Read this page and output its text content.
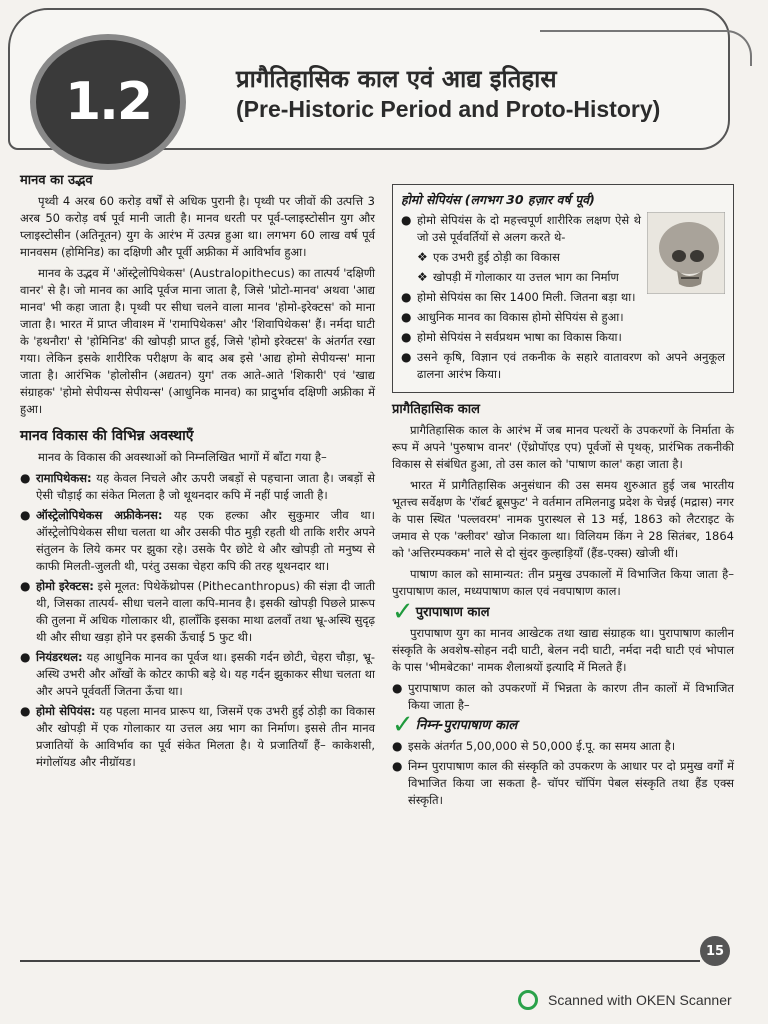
1.2	प्रागैतिहासिक काल एवं आद्य इतिहास
(Pre-Historic Period and Proto-History)
मानव का उद्भव

पृथ्वी 4 अरब 60 करोड़ वर्षों से अधिक पुरानी है। पृथ्वी पर जीवों की उत्पत्ति 3 अरब 50 करोड़ वर्ष पूर्व मानी जाती है। मानव धरती पर पूर्व-प्लाइस्टोसीन युग और प्लाइस्टोसीन (अतिनूतन) युग के आरंभ में उत्पन्न हुआ था। लगभग 60 लाख वर्ष पूर्व मानवसम (होमिनिड) का दक्षिणी और पूर्वी अफ्रीका में आविर्भाव हुआ।

मानव के उद्भव में 'ऑस्ट्रेलोपिथेकस' (Australopithecus) का तात्पर्य 'दक्षिणी वानर' से है। जो मानव का आदि पूर्वज माना जाता है, जिसे 'प्रोटो-मानव' अथवा 'आद्य मानव' भी कहा जाता है। पृथ्वी पर सीधा चलने वाला मानव 'होमो-इरेक्टस' को माना जाता है। भारत में प्राप्त जीवाश्म में 'रामापिथेकस' और 'शिवापिथेकस' हैं। नर्मदा घाटी के 'हथनौरा' से 'होमिनिड' की खोपड़ी प्राप्त हुई, जिसे 'होमो इरेक्टस' के अंतर्गत रखा गया। लेकिन इसके शारीरिक परीक्षण के बाद अब इसे 'आद्य होमो सेपीयन्स' माना जाता है। आरंभिक 'होलोसीन (अद्यतन) युग' तक आते-आते 'शिकारी' एवं 'खाद्य संग्राहक' 'होमो सेपीयन्स सेपीयन्स' (आधुनिक मानव) का प्रादुर्भाव दक्षिणी अफ्रीका में हुआ।

मानव विकास की विभिन्न अवस्थाएँ

मानव के विकास की अवस्थाओं को निम्नलिखित भागों में बाँटा गया है–

● रामापिथेकस: यह केवल निचले और ऊपरी जबड़ों से पहचाना जाता है। जबड़ों से ऐसी चौड़ाई का संकेत मिलता है जो थूथनदार कपि में नहीं पाई जाती है।
● ऑस्ट्रेलोपिथेकस अफ्रीकेनस: यह एक हल्का और सुकुमार जीव था। ऑस्ट्रेलोपिथेकस सीधा चलता था और उसकी पीठ मुड़ी रहती थी ताकि शरीर अपने संतुलन के लिये कमर पर झुका रहे। उसके पैर छोटे थे और खोपड़ी तो मनुष्य से काफी मिलती-जुलती थी, परंतु उसका चेहरा कपि की तरह थूथनदार था।
● होमो इरेक्टस: इसे मूलत: पिथेकेंथ्रोपस (Pithecanthropus) की संज्ञा दी जाती थी, जिसका तात्पर्य- सीधा चलने वाला कपि-मानव है। इसकी खोपड़ी पिछले प्रारूप की तुलना में अधिक गोलाकार थी, हालाँकि इसका माथा ढलवाँ तथा भ्रू-अस्थि सुदृढ़ थी और सीधा खड़ा होने पर इसकी ऊँचाई 5 फुट थी।
● नियंडरथल: यह आधुनिक मानव का पूर्वज था। इसकी गर्दन छोटी, चेहरा चौड़ा, भ्रू-अस्थि उभरी और आँखों के कोटर काफी बड़े थे। यह गर्दन झुकाकर सीधा चलता था और अपने पूर्ववर्ती जितना ऊँचा था।
● होमो सेपियंस: यह पहला मानव प्रारूप था, जिसमें एक उभरी हुई ठोड़ी का विकास और खोपड़ी में एक गोलाकार या उत्तल अग्र भाग का निर्माण। इससे तीन मानव प्रजातियों के आविर्भाव का पूर्व संकेत मिलता है। ये प्रजातियाँ हैं– काकेशसी, मंगोलॉयड और नीग्रॉयड।
होमो सेपियंस (लगभग 30 हज़ार वर्ष पूर्व)
● होमो सेपियंस के दो महत्त्वपूर्ण शारीरिक लक्षण ऐसे थे जो उसे पूर्ववर्तियों से अलग करते थे-
❖ एक उभरी हुई ठोड़ी का विकास
❖ खोपड़ी में गोलाकार या उत्तल भाग का निर्माण
● होमो सेपियंस का सिर 1400 मिली. जितना बड़ा था।
● आधुनिक मानव का विकास होमो सेपियंस से हुआ।
● होमो सेपियंस ने सर्वप्रथम भाषा का विकास किया।
● उसने कृषि, विज्ञान एवं तकनीक के सहारे वातावरण को अपने अनुकूल ढालना आरंभ किया।
प्रागैतिहासिक काल

प्रागैतिहासिक काल के आरंभ में जब मानव पत्थरों के उपकरणों के निर्माता के रूप में अपने 'पुरुषाभ वानर' (ऐंथ्रोपॉएड एप) पूर्वजों से पृथक्, प्रारंभिक तकनीकी विकास से संबंधित हुआ, तो उस काल को 'पाषाण काल' कहा जाता है।

भारत में प्रागैतिहासिक अनुसंधान की उस समय शुरुआत हुई जब भारतीय भूतत्त्व सर्वेक्षण के 'रॉबर्ट ब्रूसफुट' ने वर्तमान तमिलनाडु प्रदेश के चेन्नई (मद्रास) नगर के पास स्थित 'पल्लवरम' नामक पुरास्थल से 13 मई, 1863 को लैटराइट के जमाव से एक 'क्लीवर' खोज निकाला था। विलियम किंग ने 28 सितंबर, 1864 को 'अत्तिरम्पक्कम' नाले से दो सुंदर कुल्हाड़ियाँ (हैंड-एक्स) खोजी थीं।

पाषाण काल को सामान्यत: तीन प्रमुख उपकालों में विभाजित किया जाता है– पुरापाषाण काल, मध्यपाषाण काल एवं नवपाषाण काल।

✓ पुरापाषाण काल

पुरापाषाण युग का मानव आखेटक तथा खाद्य संग्राहक था। पुरापाषाण कालीन संस्कृति के अवशेष-सोहन नदी घाटी, बेलन नदी घाटी, नर्मदा नदी घाटी एवं भोपाल के पास 'भीमबेटका' नामक शैलाश्रयों इत्यादि में मिलते हैं।

● पुरापाषाण काल को उपकरणों में भिन्नता के कारण तीन कालों में विभाजित किया जाता है–
✓ निम्न-पुरापाषाण काल
● इसके अंतर्गत 5,00,000 से 50,000 ई.पू. का समय आता है।
● निम्न पुरापाषाण काल की संस्कृति को उपकरण के आधार पर दो प्रमुख वर्गों में विभाजित किया जा सकता है- चॉपर चॉपिंग पेबल संस्कृति तथा हैंड एक्स संस्कृति।
15
Scanned with OKEN Scanner
